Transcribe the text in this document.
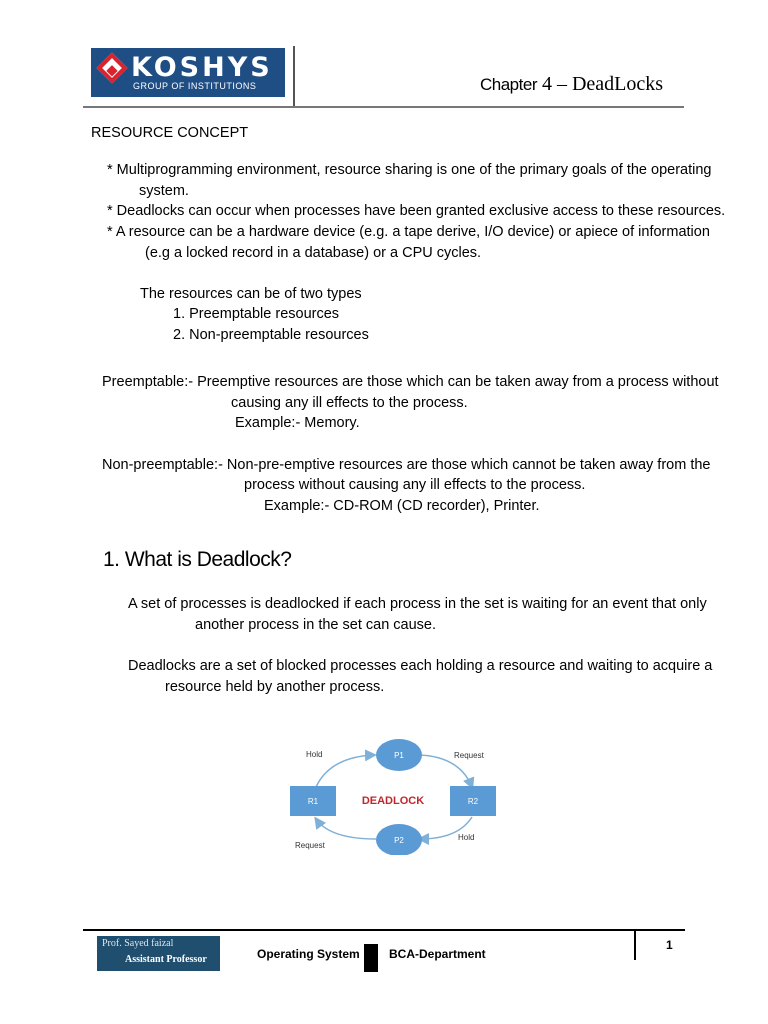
KOSHYS
GROUP OF INSTITUTIONS	Chapter 4 – DeadLocks
RESOURCE CONCEPT
* Multiprogramming environment, resource sharing is one of the primary goals of the operating
system.
* Deadlocks can occur when processes have been granted exclusive access to these resources.
* A resource can be a hardware device (e.g. a tape derive, I/O device) or apiece of information
(e.g a locked record in a database) or a CPU cycles.
The resources can be of two types
1. Preemptable resources
2. Non-preemptable resources
Preemptable:- Preemptive resources are those which can be taken away from a process without
causing any ill effects to the process.
Example:- Memory.
Non-preemptable:- Non-pre-emptive resources are those which cannot be taken away from the
process without causing any ill effects to the process.
Example:- CD-ROM (CD recorder), Printer.
1. What is Deadlock?
A set of processes is deadlocked if each process in the set is waiting for an event that only
another process in the set can cause.
Deadlocks are a set of blocked processes each holding a resource and waiting to acquire a
resource held by another process.
P1
P2
R1	R2
DEADLOCK
Hold	Request
Hold
Request
Prof. Sayed faizal
Assistant Professor	Operating System BCA-Department
1
